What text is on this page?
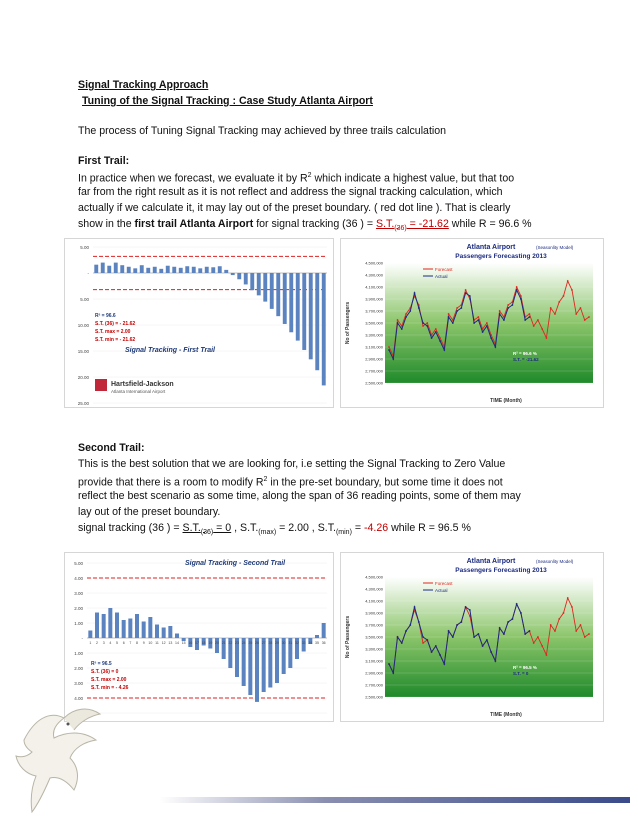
Signal Tracking Approach
Tuning of the Signal Tracking : Case Study Atlanta Airport
The process of Tuning Signal Tracking may achieved by three trails calculation
First Trail:
In practice when we forecast, we evaluate it by $R^2$ which indicate a highest value, but that too
far from the right result as it is not reflect and address the signal tracking calculation, which
actually if we calculate it, it may lay out of the preset boundary. ( red dot line ). That is clearly
show in the first trail Atlanta Airport for signal tracking (36 ) = $S.T._{(36)} = -21.62$ while R = 96.6 %
Second Trail:
This is the best solution that we are looking for, i.e setting the Signal Tracking to Zero Value
provide that there is a room to modify $R^2$ in the pre-set boundary, but some time it does not
reflect the best scenario as some time, along the span of 36 reading points, some of them may
lay out of the preset boundary.
signal tracking (36 ) = $S.T._{(36)} = 0$ , $S.T._{(max)} = 2.00$ , $S.T._{(min)} = -4.26$ while R = 96.5 %
5.00
-
5.00
10.00
15.00
20.00
25.00
Signal Tracking - First Trail
R² = 96.6
S.T. (36) = - 21.62
S.T. max = 2.00
S.T. min = - 21.62
Hartsfield-Jackson
Atlanta International Airport
4,500,000
4,300,000
4,100,000
3,900,000
3,700,000
3,500,000
3,300,000
3,100,000
2,900,000
2,700,000
2,500,000
Atlanta Airport	(Seasonlity Model)
Passengers Forecasting 2013
No of Passengers
TIME (Month)
Forecast
Actual
R² = 96.6 %
S.T. = -21.62
5.00
4.00
3.00
2.00
1.00
-
1.00
2.00
3.00
4.00
1 2 3 4 5 6 7 8 9 10 11 12 13 14 15 16 17 18 19 20 21 22 23 24 25 26 27 28 29 30 31 32 33 34 35 36
Signal Tracking - Second Trail
R² = 96.5
S.T. (36) = 0
S.T. max = 2.00
S.T. min = - 4.26
4,500,000
4,300,000
4,100,000
3,900,000
3,700,000
3,500,000
3,300,000
3,100,000
2,900,000
2,700,000
2,500,000
Atlanta Airport	(Seasonlity Model)
Passengers Forecasting 2013
No of Passengers
TIME (Month)
Forecast
Actual
R² = 96.5 %
S.T. = 0
